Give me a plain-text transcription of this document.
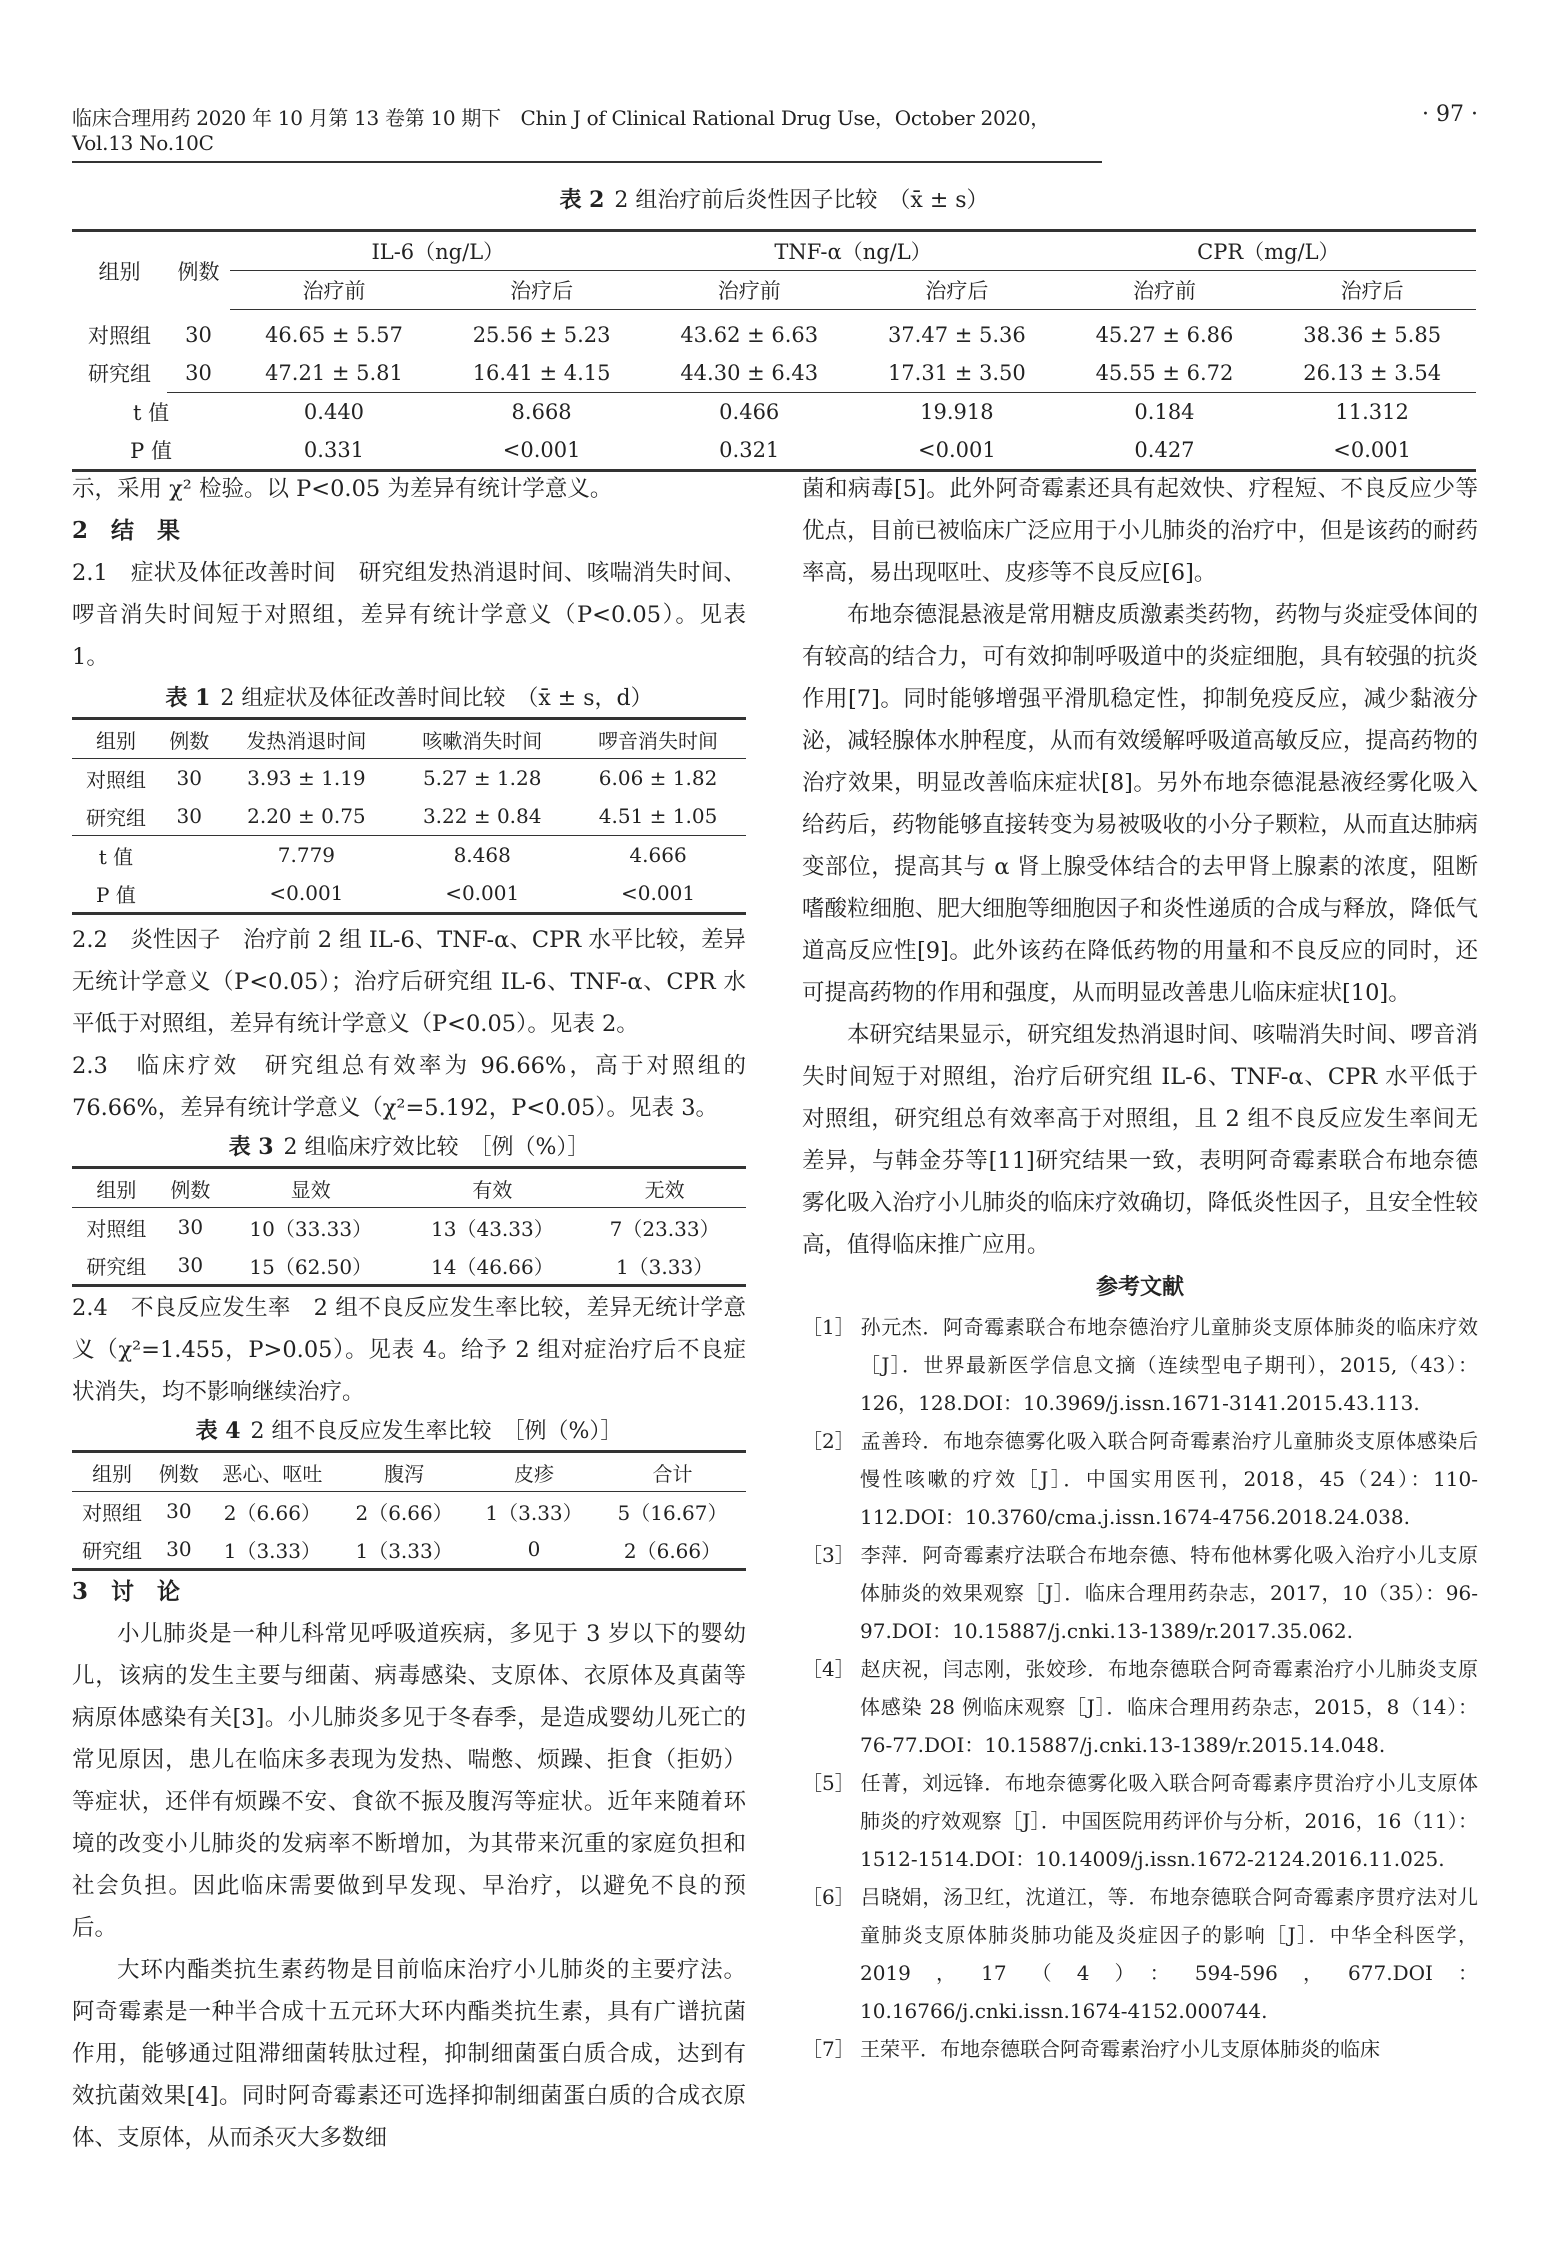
临床合理用药 2020 年 10 月第 13 卷第 10 期下　Chin J of Clinical Rational Drug Use，October 2020，Vol.13 No.10C
· 97 ·
表 2 2 组治疗前后炎性因子比较　（x̄ ± s）
组别	例数	IL-6（ng/L）		TNF-α（ng/L）		CPR（mg/L）	
		治疗前	治疗后	治疗前	治疗后	治疗前	治疗后
对照组	30	46.65 ± 5.57	25.56 ± 5.23	43.62 ± 6.63	37.47 ± 5.36	45.27 ± 6.86	38.36 ± 5.85
研究组	30	47.21 ± 5.81	16.41 ± 4.15	44.30 ± 6.43	17.31 ± 3.50	45.55 ± 6.72	26.13 ± 3.54
t 值		0.440	8.668	0.466	19.918	0.184	11.312
P 值		0.331	<0.001	0.321	<0.001	0.427	<0.001
示，采用 χ² 检验。以 P<0.05 为差异有统计学意义。
2　结　果
2.1　症状及体征改善时间　研究组发热消退时间、咳喘消失时间、啰音消失时间短于对照组，差异有统计学意义（P<0.05）。见表 1。
表 1 2 组症状及体征改善时间比较　（x̄ ± s，d）
组别	例数	发热消退时间	咳嗽消失时间	啰音消失时间
对照组	30	3.93 ± 1.19	5.27 ± 1.28	6.06 ± 1.82
研究组	30	2.20 ± 0.75	3.22 ± 0.84	4.51 ± 1.05
t 值		7.779	8.468	4.666
P 值		<0.001	<0.001	<0.001
2.2　炎性因子　治疗前 2 组 IL-6、TNF-α、CPR 水平比较，差异无统计学意义（P<0.05）；治疗后研究组 IL-6、TNF-α、CPR 水平低于对照组，差异有统计学意义（P<0.05）。见表 2。
2.3　临床疗效　研究组总有效率为 96.66%，高于对照组的 76.66%，差异有统计学意义（χ²=5.192，P<0.05）。见表 3。
表 3 2 组临床疗效比较　［例（%）］
组别	例数	显效	有效	无效
对照组	30	10（33.33）	13（43.33）	7（23.33）
研究组	30	15（62.50）	14（46.66）	1（3.33）
2.4　不良反应发生率　2 组不良反应发生率比较，差异无统计学意义（χ²=1.455，P>0.05）。见表 4。给予 2 组对症治疗后不良症状消失，均不影响继续治疗。
表 4 2 组不良反应发生率比较　［例（%）］
组别	例数	恶心、呕吐	腹泻	皮疹	合计
对照组	30	2（6.66）	2（6.66）	1（3.33）	5（16.67）
研究组	30	1（3.33）	1（3.33）	0	2（6.66）
3　讨　论
小儿肺炎是一种儿科常见呼吸道疾病，多见于 3 岁以下的婴幼儿，该病的发生主要与细菌、病毒感染、支原体、衣原体及真菌等病原体感染有关[3]。小儿肺炎多见于冬春季，是造成婴幼儿死亡的常见原因，患儿在临床多表现为发热、喘憋、烦躁、拒食（拒奶）等症状，还伴有烦躁不安、食欲不振及腹泻等症状。近年来随着环境的改变小儿肺炎的发病率不断增加，为其带来沉重的家庭负担和社会负担。因此临床需要做到早发现、早治疗，以避免不良的预后。
大环内酯类抗生素药物是目前临床治疗小儿肺炎的主要疗法。阿奇霉素是一种半合成十五元环大环内酯类抗生素，具有广谱抗菌作用，能够通过阻滞细菌转肽过程，抑制细菌蛋白质合成，达到有效抗菌效果[4]。同时阿奇霉素还可选择抑制细菌蛋白质的合成衣原体、支原体，从而杀灭大多数细
菌和病毒[5]。此外阿奇霉素还具有起效快、疗程短、不良反应少等优点，目前已被临床广泛应用于小儿肺炎的治疗中，但是该药的耐药率高，易出现呕吐、皮疹等不良反应[6]。
布地奈德混悬液是常用糖皮质激素类药物，药物与炎症受体间的有较高的结合力，可有效抑制呼吸道中的炎症细胞，具有较强的抗炎作用[7]。同时能够增强平滑肌稳定性，抑制免疫反应，减少黏液分泌，减轻腺体水肿程度，从而有效缓解呼吸道高敏反应，提高药物的治疗效果，明显改善临床症状[8]。另外布地奈德混悬液经雾化吸入给药后，药物能够直接转变为易被吸收的小分子颗粒，从而直达肺病变部位，提高其与 α 肾上腺受体结合的去甲肾上腺素的浓度，阻断嗜酸粒细胞、肥大细胞等细胞因子和炎性递质的合成与释放，降低气道高反应性[9]。此外该药在降低药物的用量和不良反应的同时，还可提高药物的作用和强度，从而明显改善患儿临床症状[10]。
本研究结果显示，研究组发热消退时间、咳喘消失时间、啰音消失时间短于对照组，治疗后研究组 IL-6、TNF-α、CPR 水平低于对照组，研究组总有效率高于对照组，且 2 组不良反应发生率间无差异，与韩金芬等[11]研究结果一致，表明阿奇霉素联合布地奈德雾化吸入治疗小儿肺炎的临床疗效确切，降低炎性因子，且安全性较高，值得临床推广应用。
参考文献
［1］ 孙元杰．阿奇霉素联合布地奈德治疗儿童肺炎支原体肺炎的临床疗效［J］．世界最新医学信息文摘（连续型电子期刊），2015,（43）：126，128.DOI：10.3969/j.issn.1671-3141.2015.43.113.
［2］ 孟善玲．布地奈德雾化吸入联合阿奇霉素治疗儿童肺炎支原体感染后慢性咳嗽的疗效［J］．中国实用医刊，2018，45（24）：110-112.DOI：10.3760/cma.j.issn.1674-4756.2018.24.038.
［3］ 李萍．阿奇霉素疗法联合布地奈德、特布他林雾化吸入治疗小儿支原体肺炎的效果观察［J］．临床合理用药杂志，2017，10（35）：96-97.DOI：10.15887/j.cnki.13-1389/r.2017.35.062.
［4］ 赵庆祝，闫志刚，张姣珍．布地奈德联合阿奇霉素治疗小儿肺炎支原体感染 28 例临床观察［J］．临床合理用药杂志，2015，8（14）：76-77.DOI：10.15887/j.cnki.13-1389/r.2015.14.048.
［5］ 任菁，刘远锋．布地奈德雾化吸入联合阿奇霉素序贯治疗小儿支原体肺炎的疗效观察［J］．中国医院用药评价与分析，2016，16（11）：1512-1514.DOI：10.14009/j.issn.1672-2124.2016.11.025.
［6］ 吕晓娟，汤卫红，沈道江，等．布地奈德联合阿奇霉素序贯疗法对儿童肺炎支原体肺炎肺功能及炎症因子的影响［J］．中华全科医学，2019，17（4）：594-596，677.DOI：10.16766/j.cnki.issn.1674-4152.000744.
［7］ 王荣平．布地奈德联合阿奇霉素治疗小儿支原体肺炎的临床
